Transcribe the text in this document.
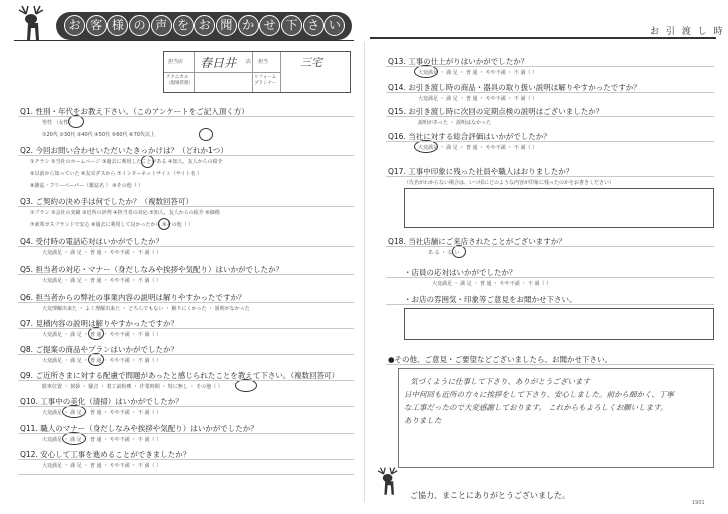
お 客 様 の 声 を お 聞 か せ 下 さ い	お 引 渡 し 時
担当店 春日井 店 担当	三宅
テクニカル（現場管理）
リフォームプランナー
Q1. 性別・年代をお教え下さい。（このアンケートをご記入頂く方）
男性 （女性）
①20代 ②30代 ③40代 ④50代 ⑤60代 ⑥70代以上
Q2. 今回お問い合わせいただいたきっかけは？（どれか1つ）
①チラシ ②当社のホームページ ③過去に利用したことがある ④知人、友人からの紹介
⑤以前から知っていた ⑥友耳ダスから ⑦インターネットサイト（サイト名 ）
⑧雑誌・フリーペーパー（雑誌名 ） ⑨その他（ ）
Q3. ご契約の決め手は何でしたか？（複数回答可）
①プラン ②会社の実績 ③近所の評判 ④担当者の対応 ⑤知人、友人からの紹介 ⑥価格
⑦東邦ガスブランドで安心 ⑧過去に利用して良かったから ⑨その他（ ）
Q4. 受付時の電話応対はいかがでしたか？
大変満足 ・ 満 足 ・ 普 通 ・ やや不満 ・ 不 満（ ）
Q5. 担当者の対応・マナー（身だしなみや挨拶や気配り）はいかがでしたか？
大変満足 ・ 満 足 ・ 普 通 ・ やや不満 ・ 不 満（ ）
Q6. 担当者からの弊社の事業内容の説明は解りやすかったですか？
大変理解出来た ・ よく理解出来た ・ どちらでもない ・ 解りにくかった ・ 説明がなかった
Q7. 見積内容の説明は解りやすかったですか？
大変満足 ・ 満 足 ・ 普 通 ・ やや不満 ・ 不 満（ ）
Q8. ご提案の商品やプランはいかがでしたか？
大変満足 ・ 満 足 ・ 普 通 ・ やや不満 ・ 不 満（ ）
Q9. ご近所さまに対する配慮で問題があったと感じられたことを教えて下さい。（複数回答可）
駐車位置 ・ 挨拶 ・ 騒音 ・ 着工前粉塵 ・ 作業時間 ・ 特に無し ・ その他（ ）
Q10. 工事中の美化（清掃）はいかがでしたか？
大変満足 ・ 満 足 ・ 普 通 ・ やや不満 ・ 不 満（ ）
Q11. 職人のマナー（身だしなみや挨拶や気配り）はいかがでしたか？
大変満足 ・ 満 足 ・ 普 通 ・ やや不満 ・ 不 満（ ）
Q12. 安心して工事を進めることができましたか？
大変満足 ・ 満 足 ・ 普 通 ・ やや不満 ・ 不 満（ ）
Q13. 工事の仕上がりはいかがでしたか？
大変満足 ・ 満 足 ・ 普 通 ・ やや不満 ・ 不 満（ ）
Q14. お引き渡し時の商品・器具の取り扱い説明は解りやすかったですか？
大変満足 ・ 満 足 ・ 普 通 ・ やや不満 ・ 不 満（ ）
Q15. お引き渡し時に次回の定期点検の説明はございましたか？
説明があった ・ 説明はなかった
Q16. 当社に対する総合評価はいかがでしたか？
大変満足 ・ 満 足 ・ 普 通 ・ やや不満 ・ 不 満（ ）
Q17. 工事中印象に残った社員や職人はおりましたか？
（氏名がわからない場合は、いつ頃にどのような内容が印象に残ったのかをお書きください）
Q18. 当社店舗にご来店されたことがございますか？
あ る ・ な い
・店員の応対はいかがでしたか？
大変満足 ・ 満 足 ・ 普 通 ・ やや不満 ・ 不 満（ ）
・お店の雰囲気・印象等ご意見をお聞かせ下さい。
●その他、ご意見・ご要望などございましたら、お聞かせ下さい。
気づくように仕事して下さり、ありがとうございます
日中何回も近所の方々に挨拶をして下さり、安心しました。前から細かく、丁寧
な工事だったので大変感謝しております。 これからもよろしくお願いします。
ありました
ご協力、まことにありがとうございました。
1901
